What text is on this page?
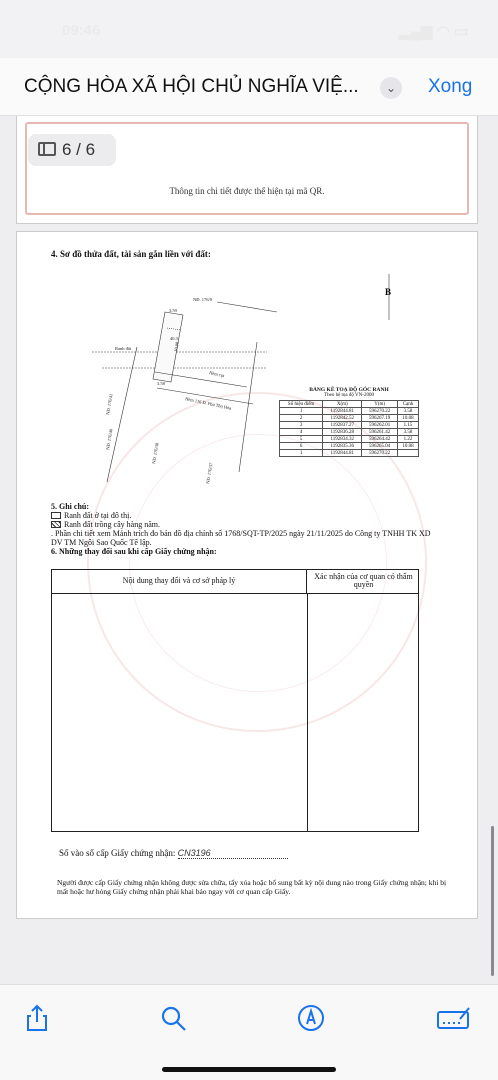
09:46	▂▄▆ ◠ ▭
CỘNG HÒA XÃ HỘI CHỦ NGHĨA VIỆ...	⌄	Xong
Thông tin chi tiết được thể hiện tại mã QR.
6 / 6
4. Sơ đồ thửa đất, tài sản gắn liền với đất:
B
NĐ. 176/0
NĐ. 176/41
NĐ. 176/40
NĐ. 176/38
NĐ. 176/37
Hẻm 116 Đ. Phú Thọ Hòa
Hẻm cụt
Ranh đất
3.59
3.58
10.08
40.3
BẢNG KÊ TOẠ ĐỘ GÓC RANH
Theo hệ tọa độ VN-2000
Số hiệu điểm	X(m)	Y(m)	Cạnh
1	1192844.81	596270.22	3.58
2	1192842.52	596267.19	10.08
3	1192837.27	596262.01	1.15
4	1192836.28	596261.42	3.58
5	1192834.32	596264.42	1.22
6	1192835.36	596265.04	10.08
1	1192844.81	596270.22	
5. Ghi chú:
Ranh đất ở tại đô thị.
Ranh đất trồng cây hàng năm.
. Phần chi tiết xem Mảnh trích đo bản đồ địa chính số 1768/SQT-TP/2025 ngày 21/11/2025 do Công ty TNHH TK XD DV TM Ngôi Sao Quốc Tế lập.
6. Những thay đổi sau khi cấp Giấy chứng nhận:
Nội dung thay đổi và cơ sở pháp lý	Xác nhận của cơ quan có thẩm quyền
Số vào sổ cấp Giấy chứng nhận: CN3196
Người được cấp Giấy chứng nhận không được sửa chữa, tẩy xóa hoặc bổ sung bất kỳ nội dung nào trong Giấy chứng nhận; khi bị mất hoặc hư hỏng Giấy chứng nhận phải khai báo ngay với cơ quan cấp Giấy.
